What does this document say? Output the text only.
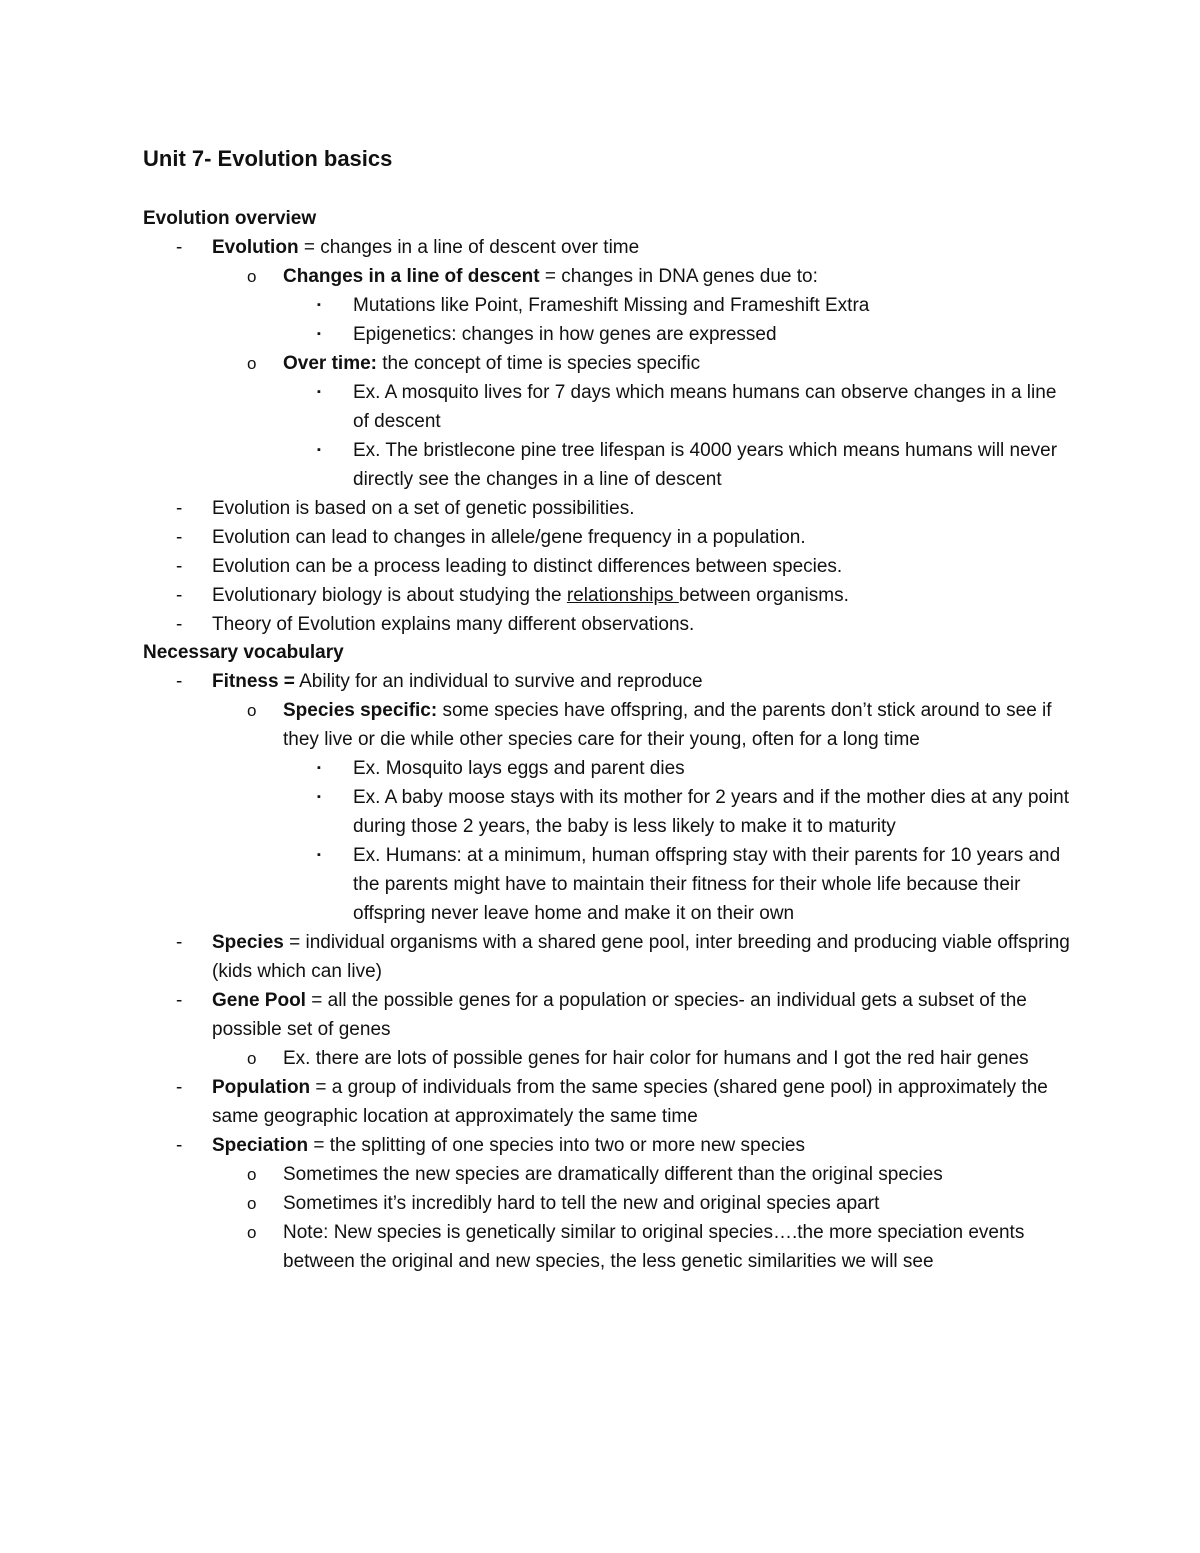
Unit 7- Evolution basics
Evolution overview
- Evolution = changes in a line of descent over time
o Changes in a line of descent = changes in DNA genes due to:
▪ Mutations like Point, Frameshift Missing and Frameshift Extra
▪ Epigenetics: changes in how genes are expressed
o Over time: the concept of time is species specific
▪ Ex. A mosquito lives for 7 days which means humans can observe changes in a line of descent
▪ Ex. The bristlecone pine tree lifespan is 4000 years which means humans will never directly see the changes in a line of descent
- Evolution is based on a set of genetic possibilities.
- Evolution can lead to changes in allele/gene frequency in a population.
- Evolution can be a process leading to distinct differences between species.
- Evolutionary biology is about studying the relationships between organisms.
- Theory of Evolution explains many different observations.
Necessary vocabulary
- Fitness = Ability for an individual to survive and reproduce
o Species specific: some species have offspring, and the parents don’t stick around to see if they live or die while other species care for their young, often for a long time
▪ Ex. Mosquito lays eggs and parent dies
▪ Ex. A baby moose stays with its mother for 2 years and if the mother dies at any point during those 2 years, the baby is less likely to make it to maturity
▪ Ex. Humans: at a minimum, human offspring stay with their parents for 10 years and the parents might have to maintain their fitness for their whole life because their offspring never leave home and make it on their own
- Species = individual organisms with a shared gene pool, inter breeding and producing viable offspring (kids which can live)
- Gene Pool = all the possible genes for a population or species- an individual gets a subset of the possible set of genes
o Ex. there are lots of possible genes for hair color for humans and I got the red hair genes
- Population = a group of individuals from the same species (shared gene pool) in approximately the same geographic location at approximately the same time
- Speciation = the splitting of one species into two or more new species
o Sometimes the new species are dramatically different than the original species
o Sometimes it’s incredibly hard to tell the new and original species apart
o Note: New species is genetically similar to original species….the more speciation events between the original and new species, the less genetic similarities we will see
